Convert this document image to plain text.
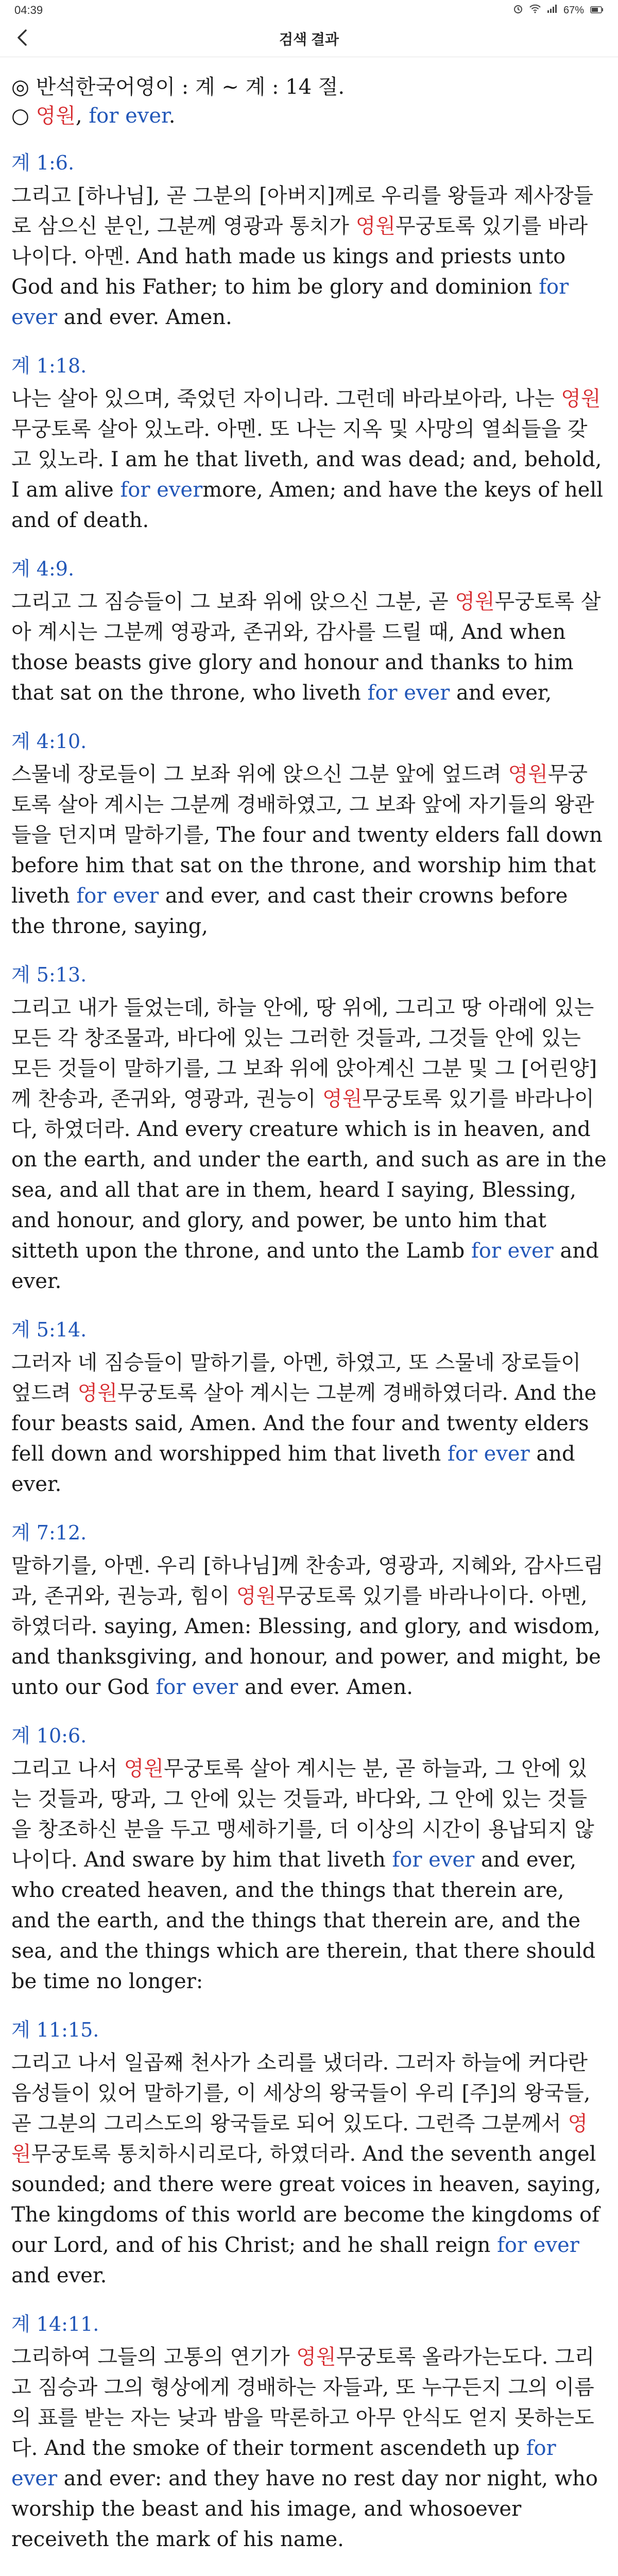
04:39	67%
검색 결과
◎ 반석한국어영이 : 계 ~ 계 : 14 절.
○ 영원, for ever.
계 1:6.
그리고 [하나님], 곧 그분의 [아버지]께로 우리를 왕들과 제사장들로 삼으신 분인, 그분께 영광과 통치가 영원무궁토록 있기를 바라나이다. 아멘. And hath made us kings and priests unto God and his Father; to him be glory and dominion for ever and ever. Amen.
계 1:18.
나는 살아 있으며, 죽었던 자이니라. 그런데 바라보아라, 나는 영원무궁토록 살아 있노라. 아멘. 또 나는 지옥 및 사망의 열쇠들을 갖고 있노라. I am he that liveth, and was dead; and, behold, I am alive for evermore, Amen; and have the keys of hell and of death.
계 4:9.
그리고 그 짐승들이 그 보좌 위에 앉으신 그분, 곧 영원무궁토록 살아 계시는 그분께 영광과, 존귀와, 감사를 드릴 때, And when those beasts give glory and honour and thanks to him that sat on the throne, who liveth for ever and ever,
계 4:10.
스물네 장로들이 그 보좌 위에 앉으신 그분 앞에 엎드려 영원무궁토록 살아 계시는 그분께 경배하였고, 그 보좌 앞에 자기들의 왕관들을 던지며 말하기를, The four and twenty elders fall down before him that sat on the throne, and worship him that liveth for ever and ever, and cast their crowns before the throne, saying,
계 5:13.
그리고 내가 들었는데, 하늘 안에, 땅 위에, 그리고 땅 아래에 있는 모든 각 창조물과, 바다에 있는 그러한 것들과, 그것들 안에 있는 모든 것들이 말하기를, 그 보좌 위에 앉아계신 그분 및 그 [어린양]께 찬송과, 존귀와, 영광과, 권능이 영원무궁토록 있기를 바라나이다, 하였더라. And every creature which is in heaven, and on the earth, and under the earth, and such as are in the sea, and all that are in them, heard I saying, Blessing, and honour, and glory, and power, be unto him that sitteth upon the throne, and unto the Lamb for ever and ever.
계 5:14.
그러자 네 짐승들이 말하기를, 아멘, 하였고, 또 스물네 장로들이 엎드려 영원무궁토록 살아 계시는 그분께 경배하였더라. And the four beasts said, Amen. And the four and twenty elders fell down and worshipped him that liveth for ever and ever.
계 7:12.
말하기를, 아멘. 우리 [하나님]께 찬송과, 영광과, 지혜와, 감사드림과, 존귀와, 권능과, 힘이 영원무궁토록 있기를 바라나이다. 아멘, 하였더라. saying, Amen: Blessing, and glory, and wisdom, and thanksgiving, and honour, and power, and might, be unto our God for ever and ever. Amen.
계 10:6.
그리고 나서 영원무궁토록 살아 계시는 분, 곧 하늘과, 그 안에 있는 것들과, 땅과, 그 안에 있는 것들과, 바다와, 그 안에 있는 것들을 창조하신 분을 두고 맹세하기를, 더 이상의 시간이 용납되지 않나이다. And sware by him that liveth for ever and ever, who created heaven, and the things that therein are, and the earth, and the things that therein are, and the sea, and the things which are therein, that there should be time no longer:
계 11:15.
그리고 나서 일곱째 천사가 소리를 냈더라. 그러자 하늘에 커다란 음성들이 있어 말하기를, 이 세상의 왕국들이 우리 [주]의 왕국들, 곧 그분의 그리스도의 왕국들로 되어 있도다. 그런즉 그분께서 영원무궁토록 통치하시리로다, 하였더라. And the seventh angel sounded; and there were great voices in heaven, saying, The kingdoms of this world are become the kingdoms of our Lord, and of his Christ; and he shall reign for ever and ever.
계 14:11.
그리하여 그들의 고통의 연기가 영원무궁토록 올라가는도다. 그리고 짐승과 그의 형상에게 경배하는 자들과, 또 누구든지 그의 이름의 표를 받는 자는 낮과 밤을 막론하고 아무 안식도 얻지 못하는도다. And the smoke of their torment ascendeth up for ever and ever: and they have no rest day nor night, who worship the beast and his image, and whosoever receiveth the mark of his name.
